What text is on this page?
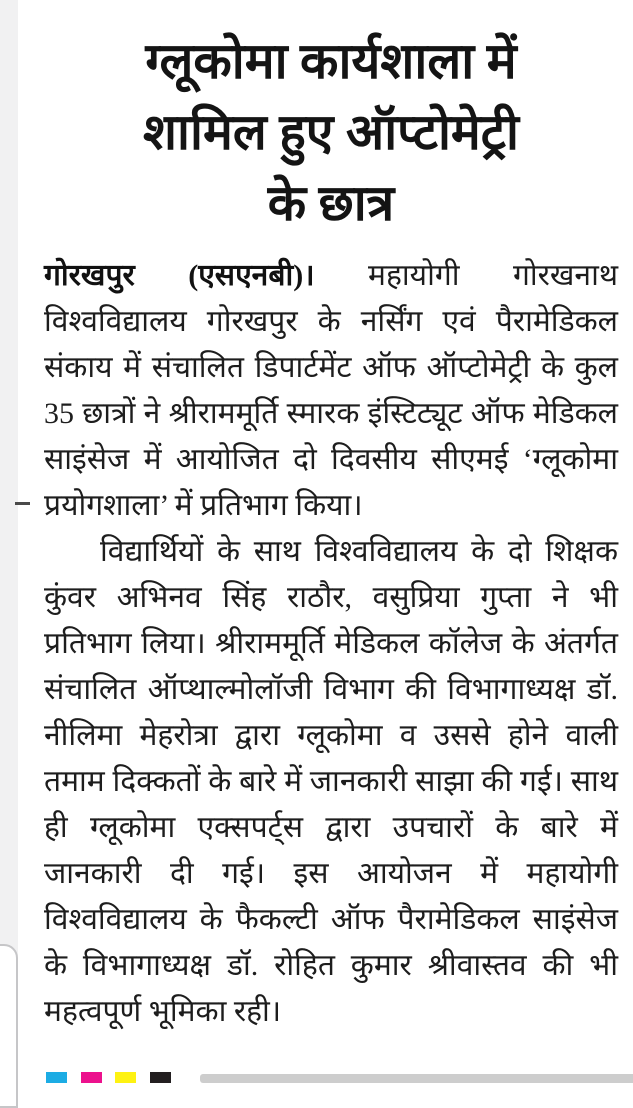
ग्लूकोमा कार्यशाला में
शामिल हुए ऑप्टोमेट्री
के छात्र

गोरखपुर (एसएनबी)। महायोगी गोरखनाथ विश्वविद्यालय गोरखपुर के नर्सिंग एवं पैरामेडिकल संकाय में संचालित डिपार्टमेंट ऑफ ऑप्टोमेट्री के कुल 35 छात्रों ने श्रीराममूर्ति स्मारक इंस्टिट्यूट ऑफ मेडिकल साइंसेज में आयोजित दो दिवसीय सीएमई ‘ग्लूकोमा प्रयोगशाला’ में प्रतिभाग किया।

विद्यार्थियों के साथ विश्वविद्यालय के दो शिक्षक कुंवर अभिनव सिंह राठौर, वसुप्रिया गुप्ता ने भी प्रतिभाग लिया। श्रीराममूर्ति मेडिकल कॉलेज के अंतर्गत संचालित ऑप्थाल्मोलॉजी विभाग की विभागाध्यक्ष डॉ. नीलिमा मेहरोत्रा द्वारा ग्लूकोमा व उससे होने वाली तमाम दिक्कतों के बारे में जानकारी साझा की गई। साथ ही ग्लूकोमा एक्सपर्ट्स द्वारा उपचारों के बारे में जानकारी दी गई। इस आयोजन में महायोगी विश्वविद्यालय के फैकल्टी ऑफ पैरामेडिकल साइंसेज के विभागाध्यक्ष डॉ. रोहित कुमार श्रीवास्तव की भी महत्वपूर्ण भूमिका रही।
